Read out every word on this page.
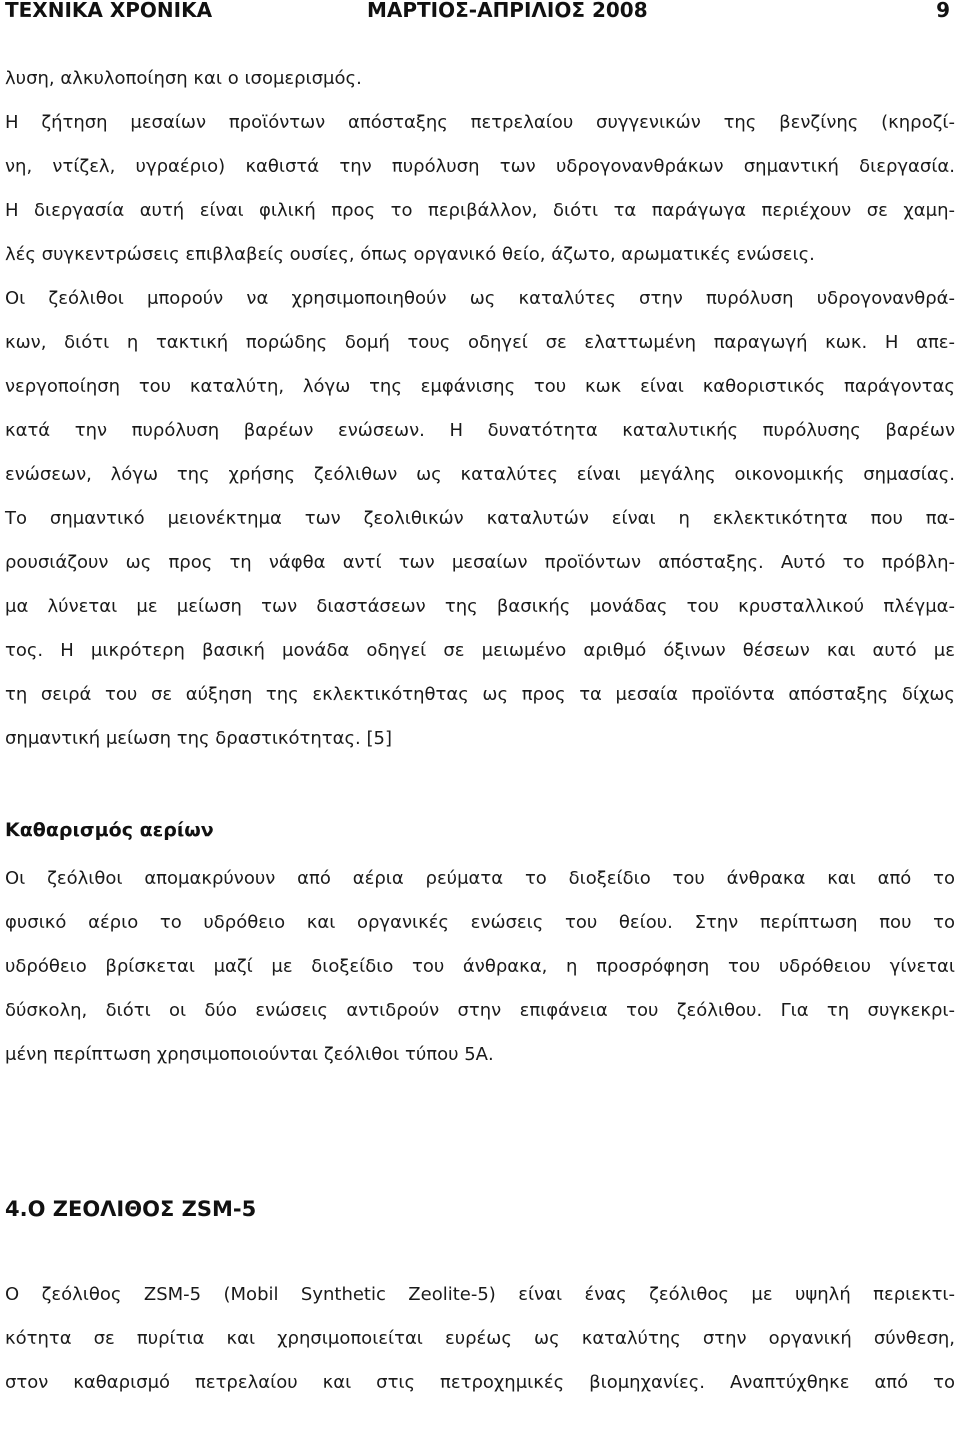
ΤΕΧΝΙΚΑ ΧΡΟΝΙΚΑ	ΜΑΡΤΙΟΣ-ΑΠΡΙΛΙΟΣ 2008	9

λυση, αλκυλοποίηση και ο ισομερισμός.

Η ζήτηση μεσαίων προϊόντων απόσταξης πετρελαίου συγγενικών της βενζίνης (κηροζί-

νη, ντίζελ, υγραέριο) καθιστά την πυρόλυση των υδρογονανθράκων σημαντική διεργασία.

Η διεργασία αυτή είναι φιλική προς το περιβάλλον, διότι τα παράγωγα περιέχουν σε χαμη-

λές συγκεντρώσεις επιβλαβείς ουσίες, όπως οργανικό θείο, άζωτο, αρωματικές ενώσεις.

Οι ζεόλιθοι μπορούν να χρησιμοποιηθούν ως καταλύτες στην πυρόλυση υδρογονανθρά-

κων, διότι η τακτική πορώδης δομή τους οδηγεί σε ελαττωμένη παραγωγή κωκ. Η απε-

νεργοποίηση του καταλύτη, λόγω της εμφάνισης του κωκ είναι καθοριστικός παράγοντας

κατά την πυρόλυση βαρέων ενώσεων. Η δυνατότητα καταλυτικής πυρόλυσης βαρέων

ενώσεων, λόγω της χρήσης ζεόλιθων ως καταλύτες είναι μεγάλης οικονομικής σημασίας.

Το σημαντικό μειονέκτημα των ζεολιθικών καταλυτών είναι η εκλεκτικότητα που πα-

ρουσιάζουν ως προς τη νάφθα αντί των μεσαίων προϊόντων απόσταξης. Αυτό το πρόβλη-

μα λύνεται με μείωση των διαστάσεων της βασικής μονάδας του κρυσταλλικού πλέγμα-

τος. Η μικρότερη βασική μονάδα οδηγεί σε μειωμένο αριθμό όξινων θέσεων και αυτό με

τη σειρά του σε αύξηση της εκλεκτικότηθτας ως προς τα μεσαία προϊόντα απόσταξης δίχως

σημαντική μείωση της δραστικότητας. [5]

Καθαρισμός αερίων

Οι ζεόλιθοι απομακρύνουν από αέρια ρεύματα το διοξείδιο του άνθρακα και από το

φυσικό αέριο το υδρόθειο και οργανικές ενώσεις του θείου. Στην περίπτωση που το

υδρόθειο βρίσκεται μαζί με διοξείδιο του άνθρακα, η προσρόφηση του υδρόθειου γίνεται

δύσκολη, διότι οι δύο ενώσεις αντιδρούν στην επιφάνεια του ζεόλιθου. Για τη συγκεκρι-

μένη περίπτωση χρησιμοποιούνται ζεόλιθοι τύπου 5Α.

4.Ο ΖΕΟΛΙΘΟΣ ZSM-5

Ο ζεόλιθος ZSM-5 (Mobil Synthetic Zeolite-5) είναι ένας ζεόλιθος με υψηλή περιεκτι-

κότητα σε πυρίτια και χρησιμοποιείται ευρέως ως καταλύτης στην οργανική σύνθεση,

στον καθαρισμό πετρελαίου και στις πετροχημικές βιομηχανίες. Αναπτύχθηκε από το
